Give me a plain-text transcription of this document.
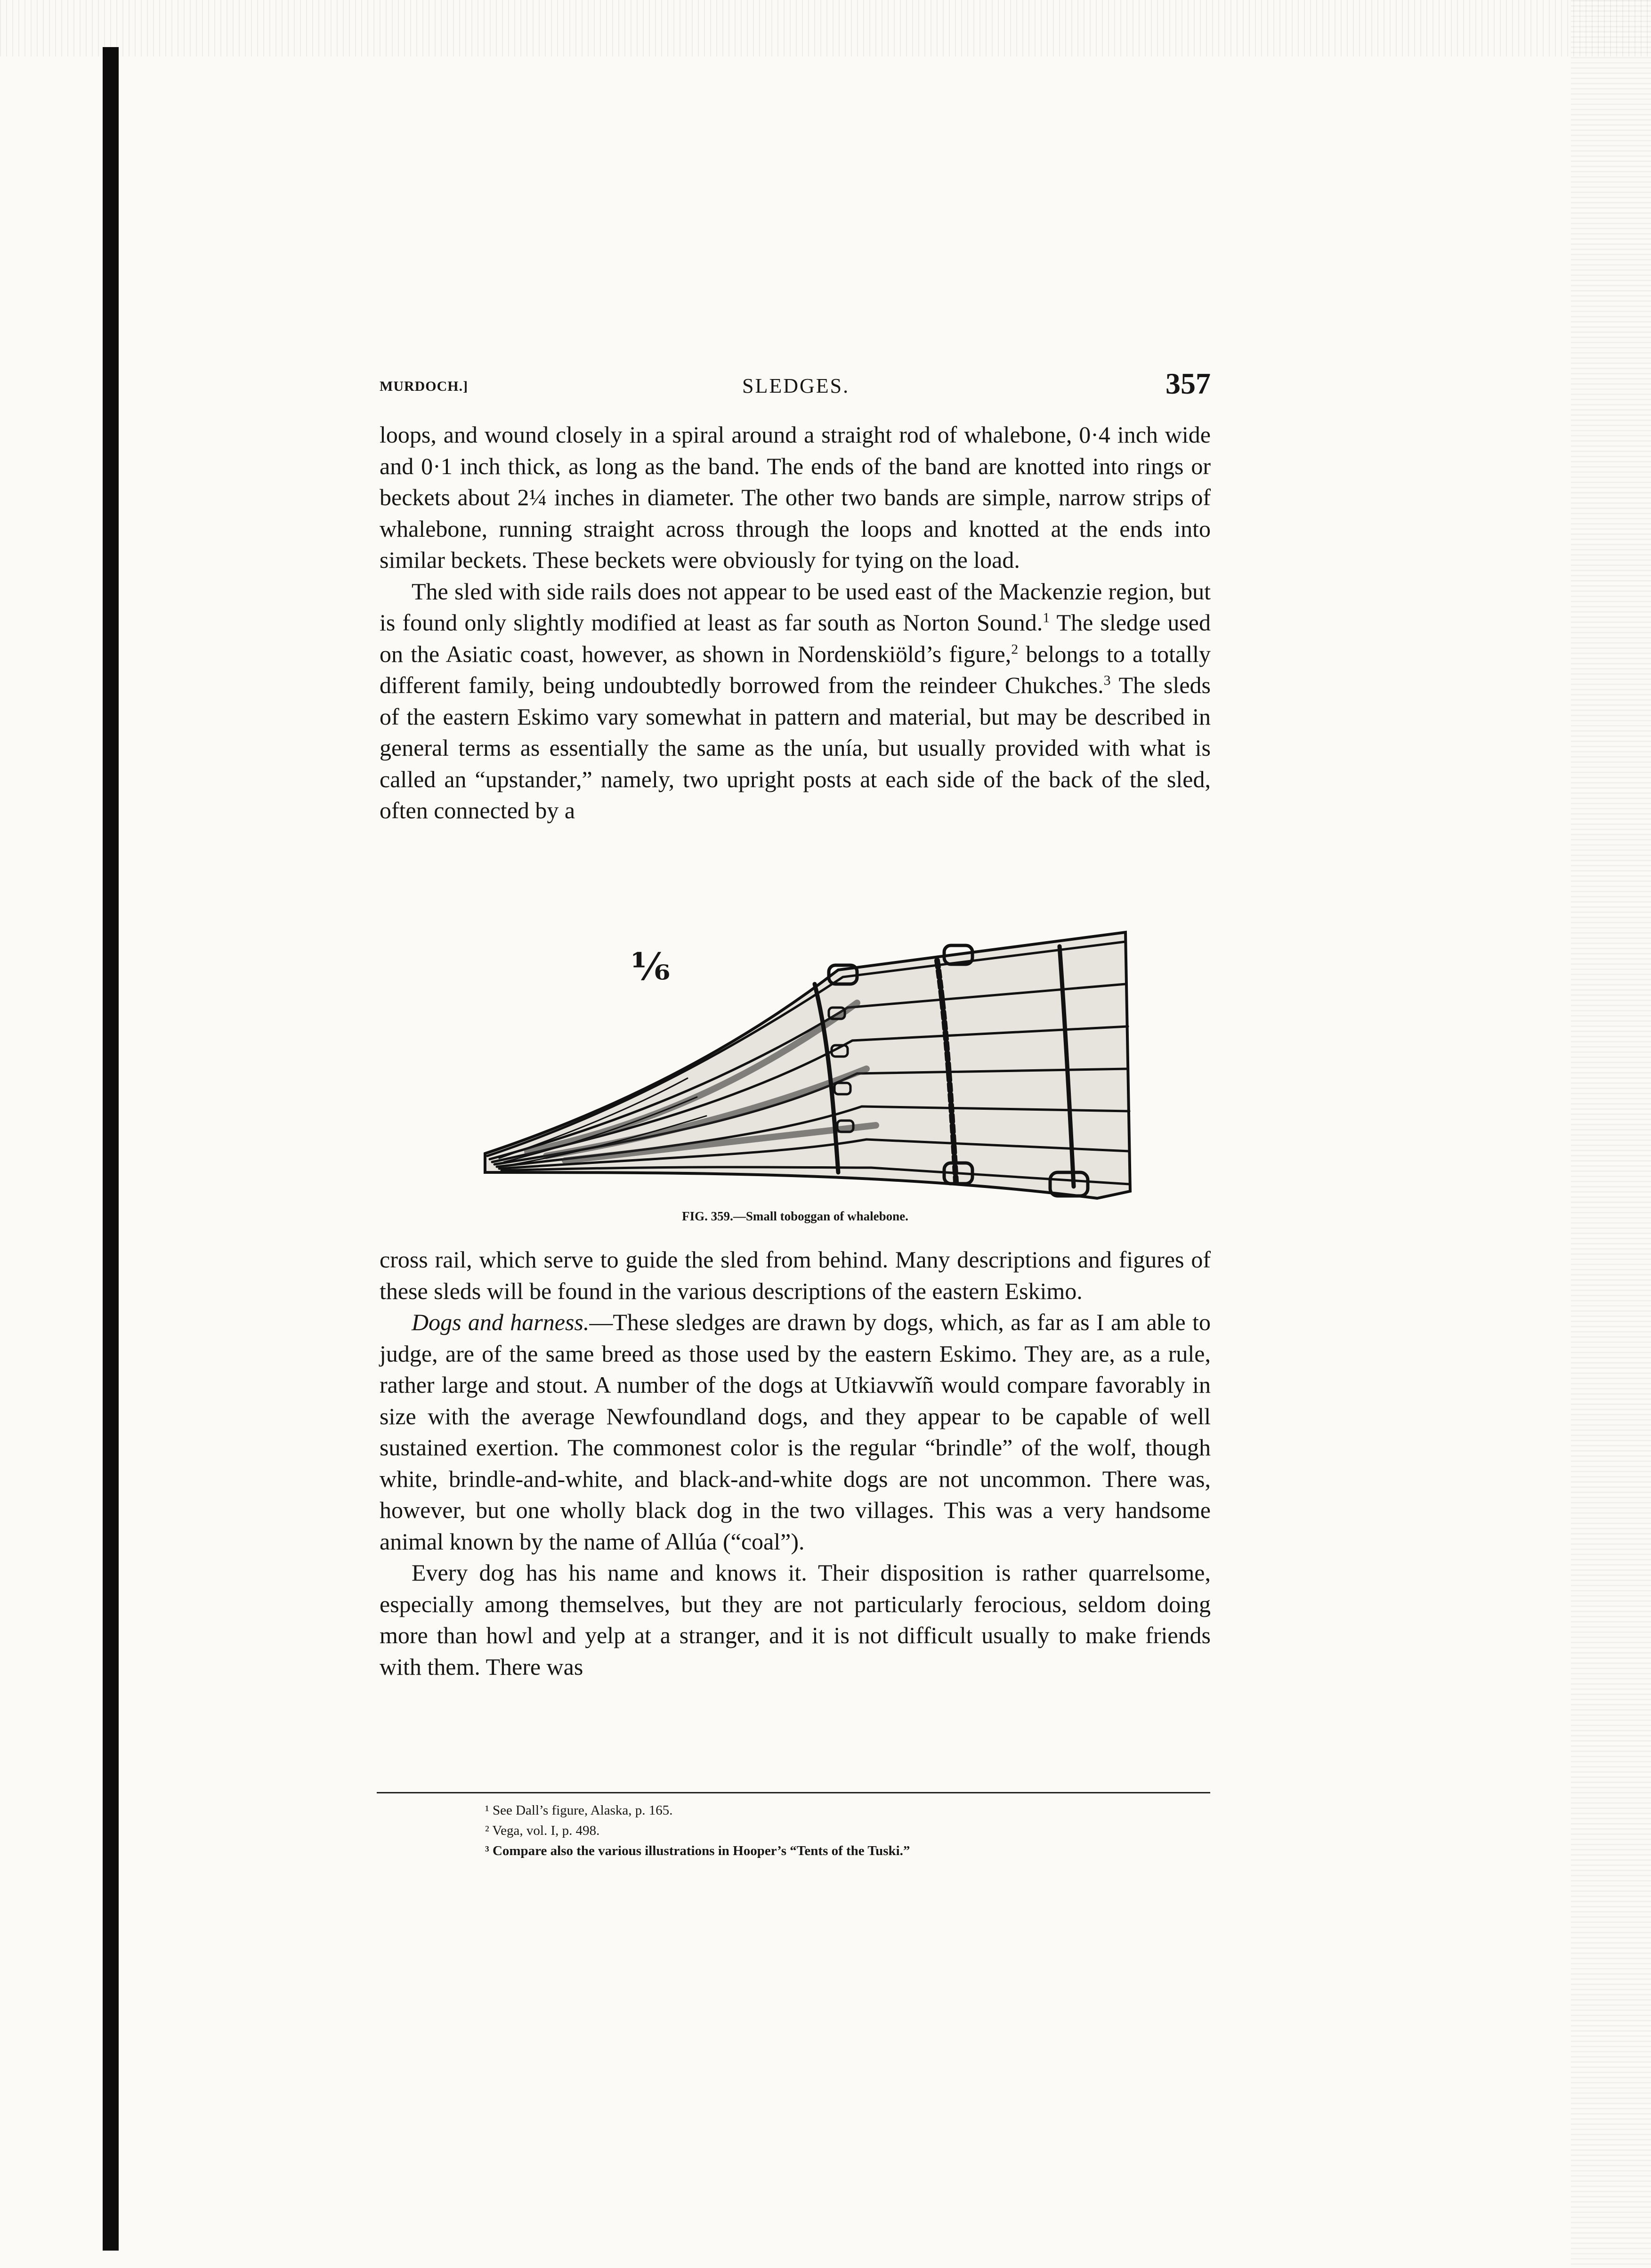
MURDOCH.]	SLEDGES.	357

loops, and wound closely in a spiral around a straight rod of whalebone, 0·4 inch wide and 0·1 inch thick, as long as the band. The ends of the band are knotted into rings or beckets about 2¼ inches in diameter. The other two bands are simple, narrow strips of whalebone, running straight across through the loops and knotted at the ends into similar beckets. These beckets were obviously for tying on the load.

The sled with side rails does not appear to be used east of the Mackenzie region, but is found only slightly modified at least as far south as Norton Sound.$^1$ The sledge used on the Asiatic coast, however, as shown in Nordenskiöld’s figure,$^2$ belongs to a totally different family, being undoubtedly borrowed from the reindeer Chukches.$^3$ The sleds of the eastern Eskimo vary somewhat in pattern and material, but may be described in general terms as essentially the same as the unía, but usually provided with what is called an “upstander,” namely, two upright posts at each side of the back of the sled, often connected by a

⅙
FIG. 359.—Small toboggan of whalebone.

cross rail, which serve to guide the sled from behind. Many descriptions and figures of these sleds will be found in the various descriptions of the eastern Eskimo.

Dogs and harness.—These sledges are drawn by dogs, which, as far as I am able to judge, are of the same breed as those used by the eastern Eskimo. They are, as a rule, rather large and stout. A number of the dogs at Utkiavwĭñ would compare favorably in size with the average Newfoundland dogs, and they appear to be capable of well sustained exertion. The commonest color is the regular “brindle” of the wolf, though white, brindle-and-white, and black-and-white dogs are not uncommon. There was, however, but one wholly black dog in the two villages. This was a very handsome animal known by the name of Allúa (“coal”).

Every dog has his name and knows it. Their disposition is rather quarrelsome, especially among themselves, but they are not particularly ferocious, seldom doing more than howl and yelp at a stranger, and it is not difficult usually to make friends with them. There was

¹ See Dall’s figure, Alaska, p. 165.
² Vega, vol. I, p. 498.
³ Compare also the various illustrations in Hooper’s “Tents of the Tuski.”
